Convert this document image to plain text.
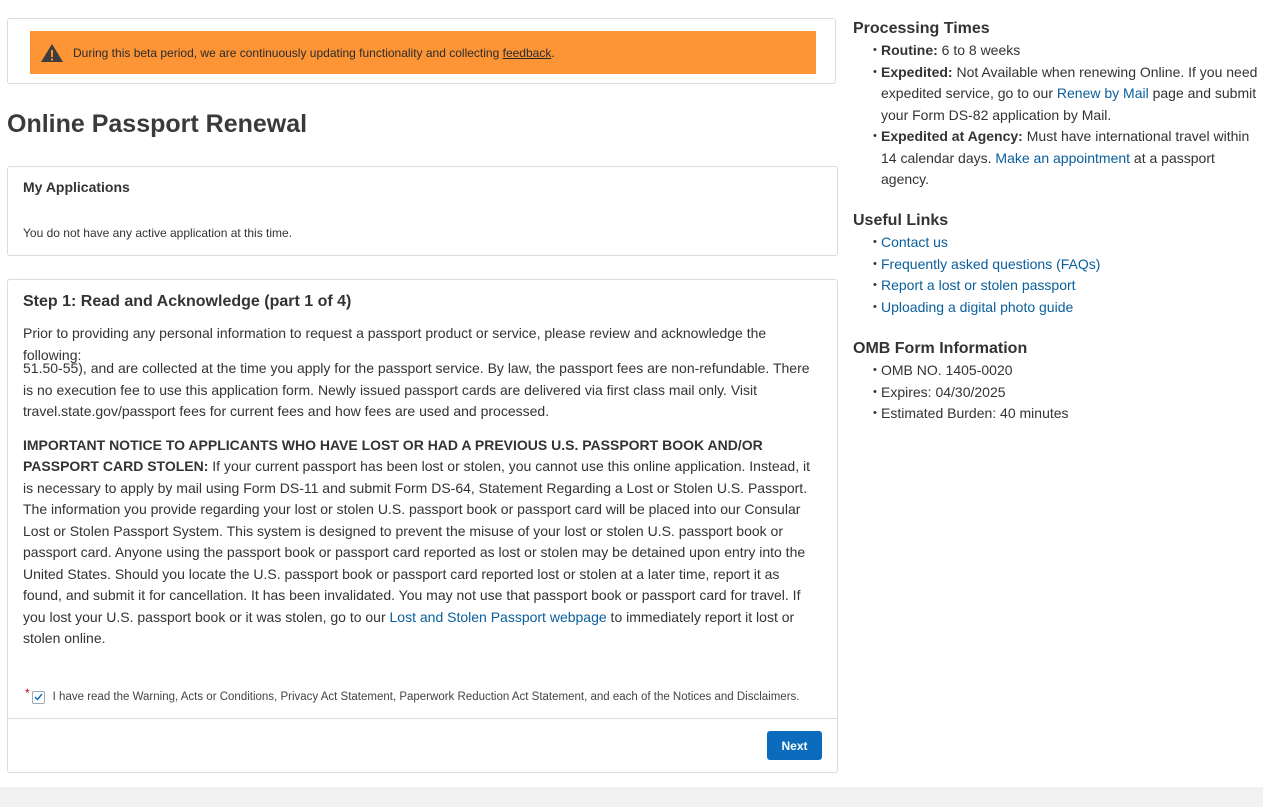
During this beta period, we are continuously updating functionality and collecting feedback.
Online Passport Renewal
My Applications
You do not have any active application at this time.
Step 1: Read and Acknowledge (part 1 of 4)
Prior to providing any personal information to request a passport product or service, please review and acknowledge the following:

51.50-55), and are collected at the time you apply for the passport service. By law, the passport fees are non-refundable. There is no execution fee to use this application form. Newly issued passport cards are delivered via first class mail only. Visit travel.state.gov/passport fees for current fees and how fees are used and processed.

IMPORTANT NOTICE TO APPLICANTS WHO HAVE LOST OR HAD A PREVIOUS U.S. PASSPORT BOOK AND/OR PASSPORT CARD STOLEN: If your current passport has been lost or stolen, you cannot use this online application. Instead, it is necessary to apply by mail using Form DS-11 and submit Form DS-64, Statement Regarding a Lost or Stolen U.S. Passport. The information you provide regarding your lost or stolen U.S. passport book or passport card will be placed into our Consular Lost or Stolen Passport System. This system is designed to prevent the misuse of your lost or stolen U.S. passport book or passport card. Anyone using the passport book or passport card reported as lost or stolen may be detained upon entry into the United States. Should you locate the U.S. passport book or passport card reported lost or stolen at a later time, report it as found, and submit it for cancellation. It has been invalidated. You may not use that passport book or passport card for travel. If you lost your U.S. passport book or it was stolen, go to our Lost and Stolen Passport webpage to immediately report it lost or stolen online.

* I have read the Warning, Acts or Conditions, Privacy Act Statement, Paperwork Reduction Act Statement, and each of the Notices and Disclaimers.
Next
Processing Times
• Routine: 6 to 8 weeks
• Expedited: Not Available when renewing Online. If you need expedited service, go to our Renew by Mail page and submit your Form DS-82 application by Mail.
• Expedited at Agency: Must have international travel within 14 calendar days. Make an appointment at a passport agency.
Useful Links
• Contact us
• Frequently asked questions (FAQs)
• Report a lost or stolen passport
• Uploading a digital photo guide
OMB Form Information
• OMB NO. 1405-0020
• Expires: 04/30/2025
• Estimated Burden: 40 minutes
